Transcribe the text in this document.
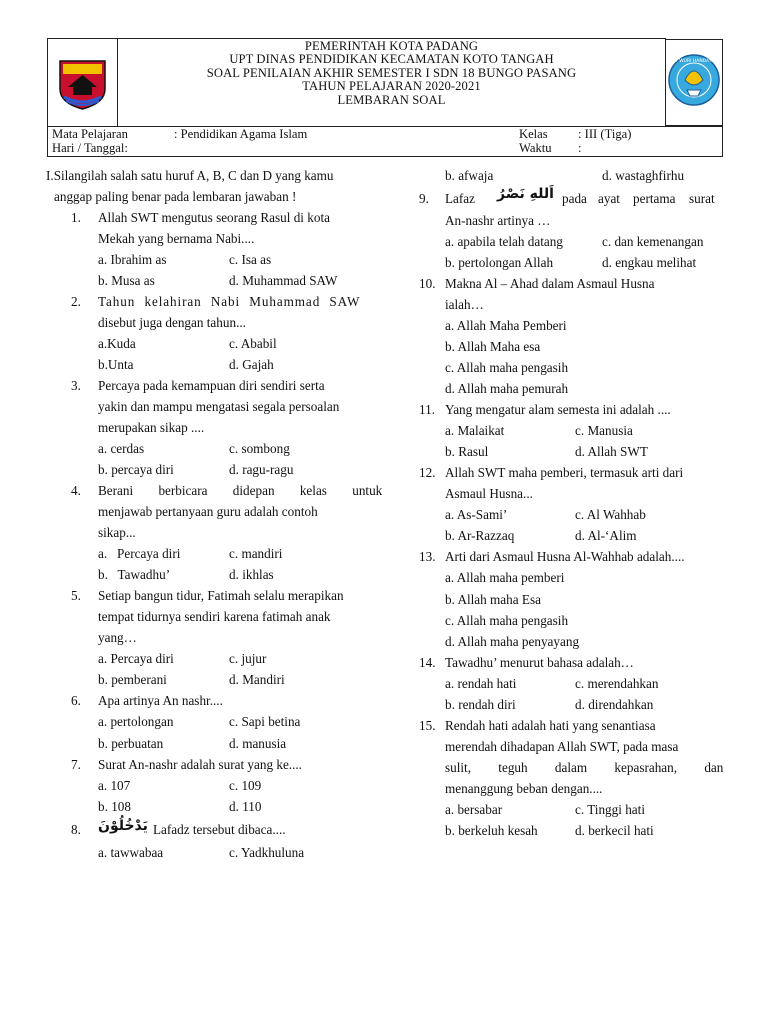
PEMERINTAH KOTA PADANG
UPT DINAS PENDIDIKAN KECAMATAN KOTO TANGAH
SOAL PENILAIAN AKHIR SEMESTER I SDN 18 BUNGO PASANG
TAHUN PELAJARAN 2020-2021
LEMBARAN SOAL
TUT WURI HANDAYANI
Mata Pelajaran	: Pendidikan Agama Islam
Hari / Tanggal:
Kelas : III (Tiga)
Waktu :
I.Silangilah salah satu huruf A, B, C dan D yang kamu
anggap paling benar pada lembaran jawaban !
1. Allah SWT mengutus seorang Rasul di kota
Mekah yang bernama Nabi....
a. Ibrahim as	c. Isa as
b. Musa as	d. Muhammad SAW
2. Tahun kelahiran Nabi Muhammad SAW
disebut juga dengan tahun...
a.Kuda	c. Ababil
b.Unta	d. Gajah
3. Percaya pada kemampuan diri sendiri serta
yakin dan mampu mengatasi segala persoalan
merupakan sikap ....
a. cerdas	c. sombong
b. percaya diri	d. ragu-ragu
4. Berani berbicara didepan kelas untuk
menjawab pertanyaan guru adalah contoh
sikap...
a.   Percaya diri	c. mandiri
b.   Tawadhu’	d. ikhlas
5. Setiap bangun tidur, Fatimah selalu merapikan
tempat tidurnya sendiri karena fatimah anak
yang…
a. Percaya diri	c. jujur
b. pemberani	d. Mandiri
6. Apa artinya An nashr....
a. pertolongan	c. Sapi betina
b. perbuatan	d. manusia
7. Surat An-nashr adalah surat yang ke....
a. 107	c. 109
b. 108	d. 110
8. يَدْخُلُوْنَ Lafadz tersebut dibaca....
a. tawwabaa	c. Yadkhuluna
b. afwaja	d. wastaghfirhu
9. Lafaz اَللهِ نَصْرُ pada ayat pertama surat
An-nashr artinya …
a. apabila telah datang	c. dan kemenangan
b. pertolongan Allah	d. engkau melihat
10. Makna Al – Ahad dalam Asmaul Husna
ialah…
a. Allah Maha Pemberi
b. Allah Maha esa
c. Allah maha pengasih
d. Allah maha pemurah
11. Yang mengatur alam semesta ini adalah ....
a. Malaikat	c. Manusia
b. Rasul	d. Allah SWT
12. Allah SWT maha pemberi, termasuk arti dari
Asmaul Husna...
a. As-Sami’	c. Al Wahhab
b. Ar-Razzaq	d. Al-‘Alim
13. Arti dari Asmaul Husna Al-Wahhab adalah....
a. Allah maha pemberi
b. Allah maha Esa
c. Allah maha pengasih
d. Allah maha penyayang
14. Tawadhu’ menurut bahasa adalah…
a. rendah hati	c. merendahkan
b. rendah diri	d. direndahkan
15. Rendah hati adalah hati yang senantiasa
merendah dihadapan Allah SWT, pada masa
sulit, teguh dalam kepasrahan, dan
menanggung beban dengan....
a. bersabar	c. Tinggi hati
b. berkeluh kesah	d. berkecil hati
